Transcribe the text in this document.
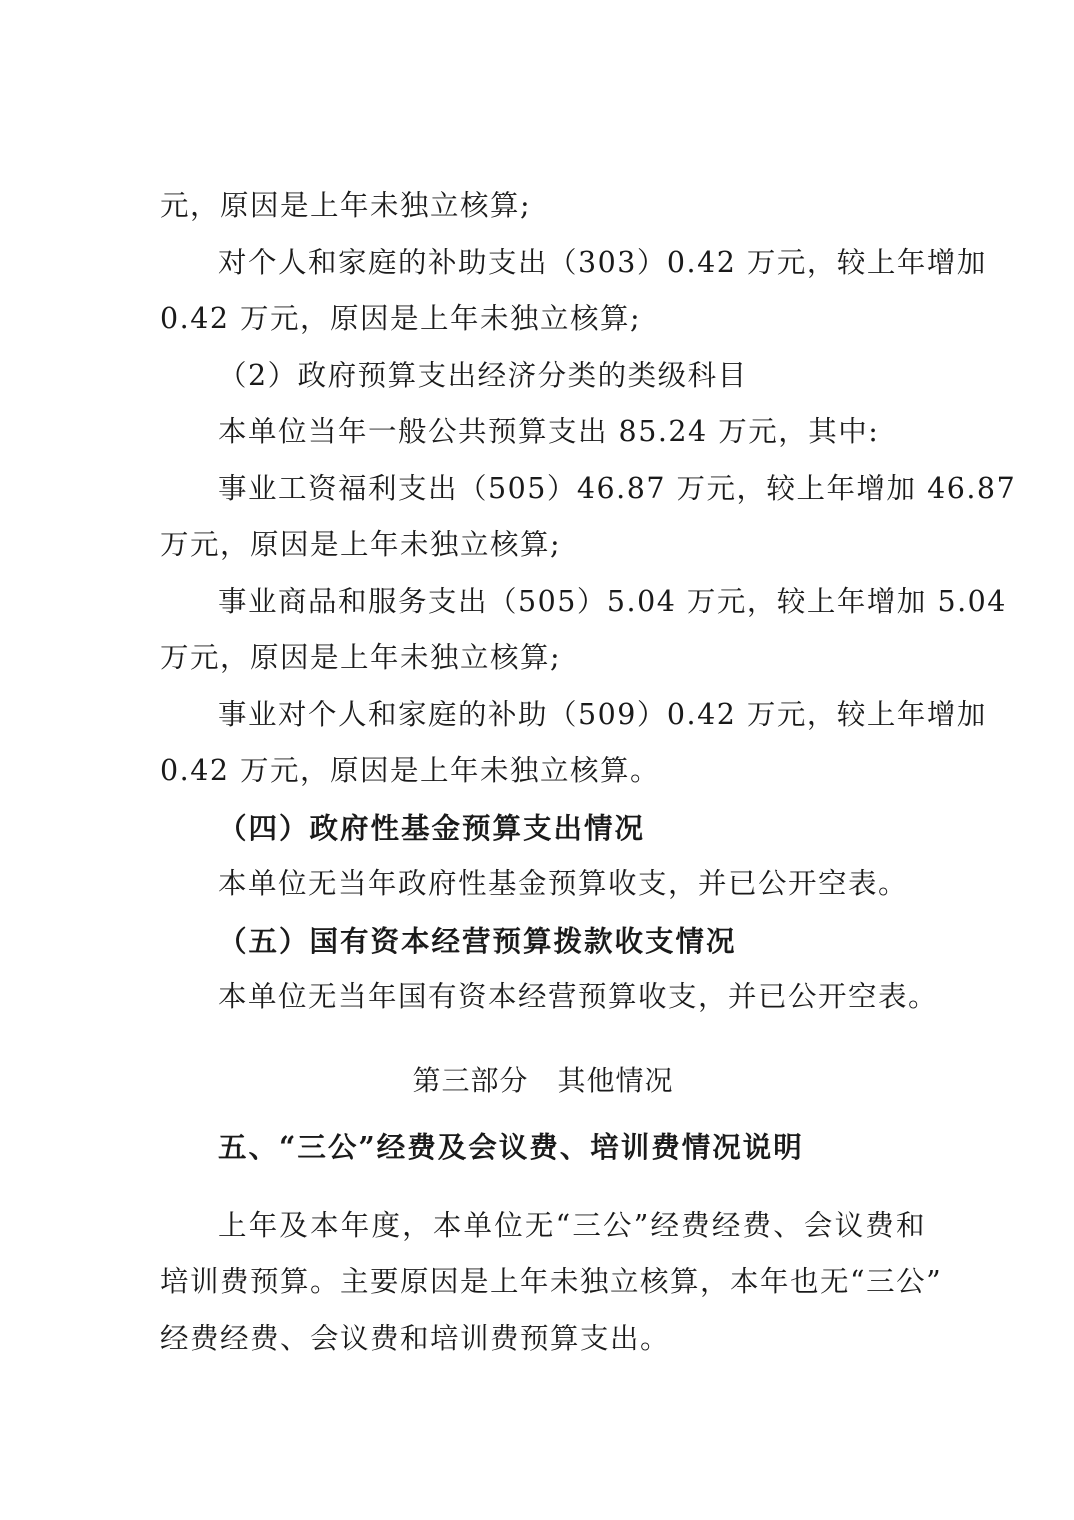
元，原因是上年未独立核算;
对个人和家庭的补助支出（303）0.42 万元，较上年增加
0.42 万元，原因是上年未独立核算;
（2）政府预算支出经济分类的类级科目
本单位当年一般公共预算支出 85.24 万元，其中:
事业工资福利支出（505）46.87 万元，较上年增加 46.87
万元，原因是上年未独立核算;
事业商品和服务支出（505）5.04 万元，较上年增加 5.04
万元，原因是上年未独立核算;
事业对个人和家庭的补助（509）0.42 万元，较上年增加
0.42 万元，原因是上年未独立核算。
（四）政府性基金预算支出情况
本单位无当年政府性基金预算收支，并已公开空表。
（五）国有资本经营预算拨款收支情况
本单位无当年国有资本经营预算收支，并已公开空表。
第三部分　其他情况
五、“三公”经费及会议费、培训费情况说明
上年及本年度，本单位无“三公”经费经费、会议费和
培训费预算。主要原因是上年未独立核算，本年也无“三公”
经费经费、会议费和培训费预算支出。
